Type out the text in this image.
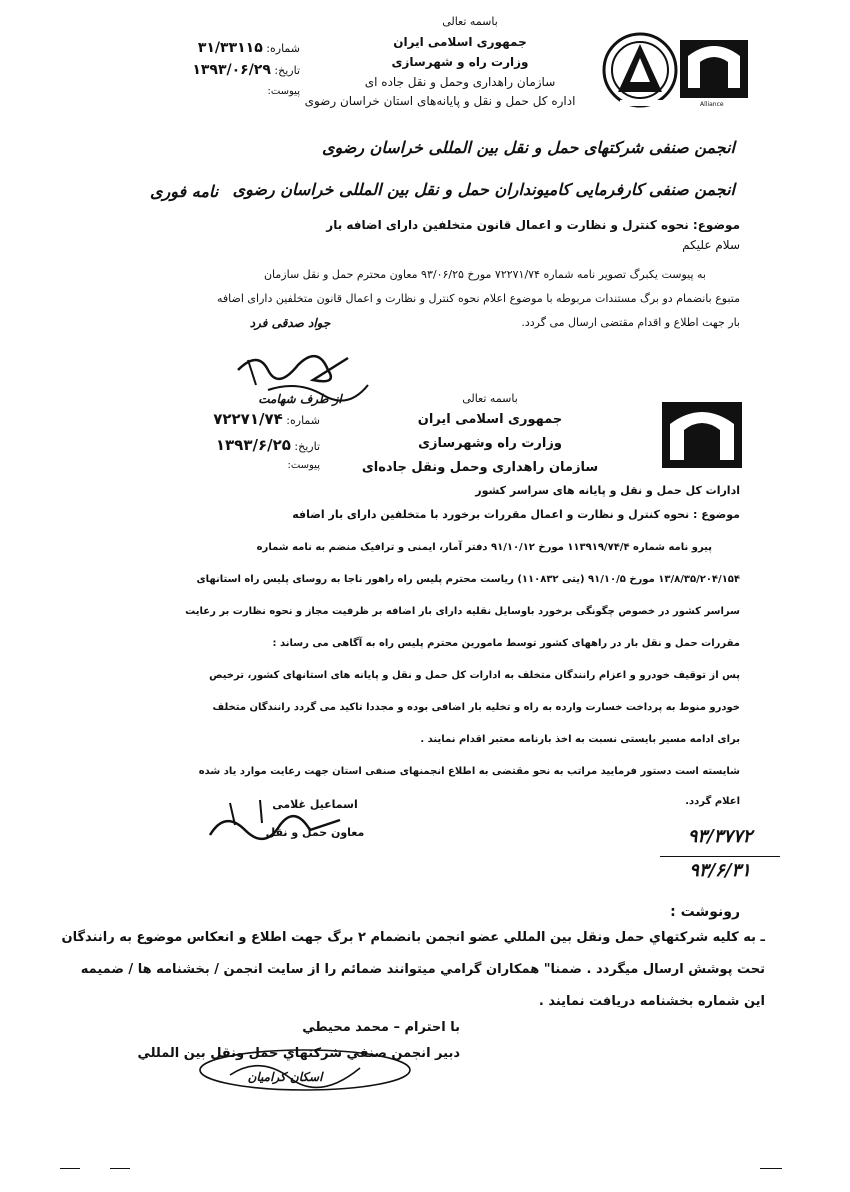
Alliance
باسمه تعالی
جمهوری اسلامی ایران
وزارت راه و شهرسازی
سازمان راهداری وحمل و نقل جاده ای
اداره کل حمل و نقل و پایانه‌های استان خراسان رضوی
شماره: ۳۱/۳۳۱۱۵
تاریخ: ۱۳۹۳/۰۶/۲۹
پیوست:
انجمن صنفی شرکتهای حمل و نقل بین المللی خراسان رضوی
انجمن صنفی کارفرمایی کامیونداران حمل و نقل بین المللی خراسان رضوی
نامه فوری
موضوع: نحوه کنترل و نظارت و اعمال قانون متخلفین دارای اضافه بار
سلام علیکم
به پیوست یکبرگ تصویر نامه شماره ۷۲۲۷۱/۷۴ مورخ ۹۳/۰۶/۲۵ معاون محترم حمل و نقل سازمان
متبوع بانضمام دو برگ مستندات مربوطه با موضوع اعلام نحوه کنترل و نظارت و اعمال قانون متخلفین دارای اضافه
بار جهت اطلاع و اقدام مقتضی ارسال می گردد.
جواد صدقی فرد
از طرف شهامت	باسمه تعالی
جمهوری اسلامی ایران
وزارت راه وشهرسازی
سازمان راهداری وحمل ونقل جاده‌ای
شماره: ۷۲۲۷۱/۷۴
تاریخ: ۱۳۹۳/۶/۲۵
پیوست:
ادارات کل حمل و نقل و پایانه های سراسر کشور
موضوع : نحوه کنترل و نظارت و اعمال مقررات برخورد با متخلفین دارای بار اضافه
پیرو نامه شماره ۱۱۳۹۱۹/۷۴/۴ مورخ ۹۱/۱۰/۱۲ دفتر آمار، ایمنی و ترافیک منضم به نامه شماره
۱۳/۸/۳۵/۲۰۴/۱۵۴ مورخ ۹۱/۱۰/۵ (یتی ۱۱۰۸۳۲) ریاست محترم پلیس راه راهور ناجا به روسای پلیس راه استانهای
سراسر کشور در خصوص چگونگی برخورد باوسایل نقلیه دارای بار اضافه بر ظرفیت مجاز و نحوه نظارت بر رعایت
مقررات حمل و نقل بار در راههای کشور توسط مامورین محترم پلیس راه به آگاهی می رساند :
پس از توقیف خودرو و اعزام رانندگان متخلف به ادارات کل حمل و نقل و پایانه های استانهای کشور، ترخیص
خودرو منوط به پرداخت خسارت وارده به راه و تخلیه بار اضافی بوده و مجددا تاکید می گردد رانندگان متخلف
برای ادامه مسیر بایستی نسبت به اخذ بارنامه معتبر اقدام نمایند .
شایسته است دستور فرمایید مراتب به نحو مقتضی به اطلاع انجمنهای صنفی استان جهت رعایت موارد یاد شده
اعلام گردد.
اسماعیل غلامی
معاون حمل و نقل	۹۳/۳۷۷۲
۹۳/۶/۳۱
رونوشت :
ـ به كليه شركتهاي حمل ونقل بين المللي عضو انجمن بانضمام ۲ برگ جهت اطلاع و انعكاس موضوع به رانندگان
تحت پوشش ارسال ميگردد . ضمنا" همكاران گرامي ميتوانند ضمائم را از سايت انجمن / بخشنامه ها / ضميمه
اين شماره بخشنامه دريافت نمايند .
با احترام – محمد محيطي
دبير انجمن صنفي شركتهاي حمل ونقل بين المللي
اسکان کرامیان
